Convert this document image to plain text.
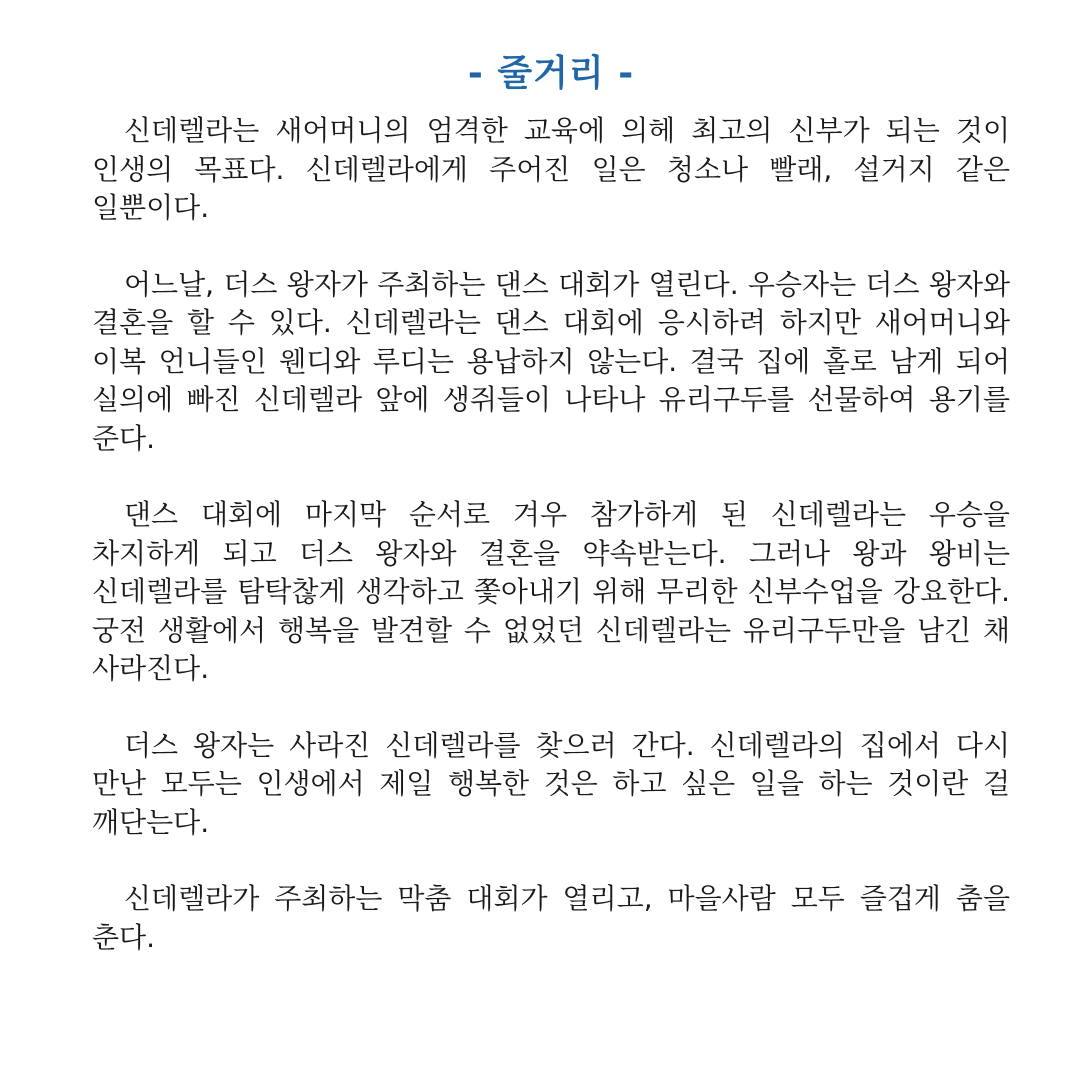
- 줄거리 -
신데렐라는 새어머니의 엄격한 교육에 의헤 최고의 신부가 되는 것이 인생의 목표다. 신데렐라에게 주어진 일은 청소나 빨래, 설거지 같은 일뿐이다.
어느날, 더스 왕자가 주최하는 댄스 대회가 열린다. 우승자는 더스 왕자와 결혼을 할 수 있다. 신데렐라는 댄스 대회에 응시하려 하지만 새어머니와 이복 언니들인 웬디와 루디는 용납하지 않는다. 결국 집에 홀로 남게 되어 실의에 빠진 신데렐라 앞에 생쥐들이 나타나 유리구두를 선물하여 용기를 준다.
댄스 대회에 마지막 순서로 겨우 참가하게 된 신데렐라는 우승을 차지하게 되고 더스 왕자와 결혼을 약속받는다. 그러나 왕과 왕비는 신데렐라를 탐탁찮게 생각하고 쫓아내기 위해 무리한 신부수업을 강요한다. 궁전 생활에서 행복을 발견할 수 없었던 신데렐라는 유리구두만을 남긴 채 사라진다.
더스 왕자는 사라진 신데렐라를 찾으러 간다. 신데렐라의 집에서 다시 만난 모두는 인생에서 제일 행복한 것은 하고 싶은 일을 하는 것이란 걸 깨단는다.
신데렐라가 주최하는 막춤 대회가 열리고, 마을사람 모두 즐겁게 춤을 춘다.
